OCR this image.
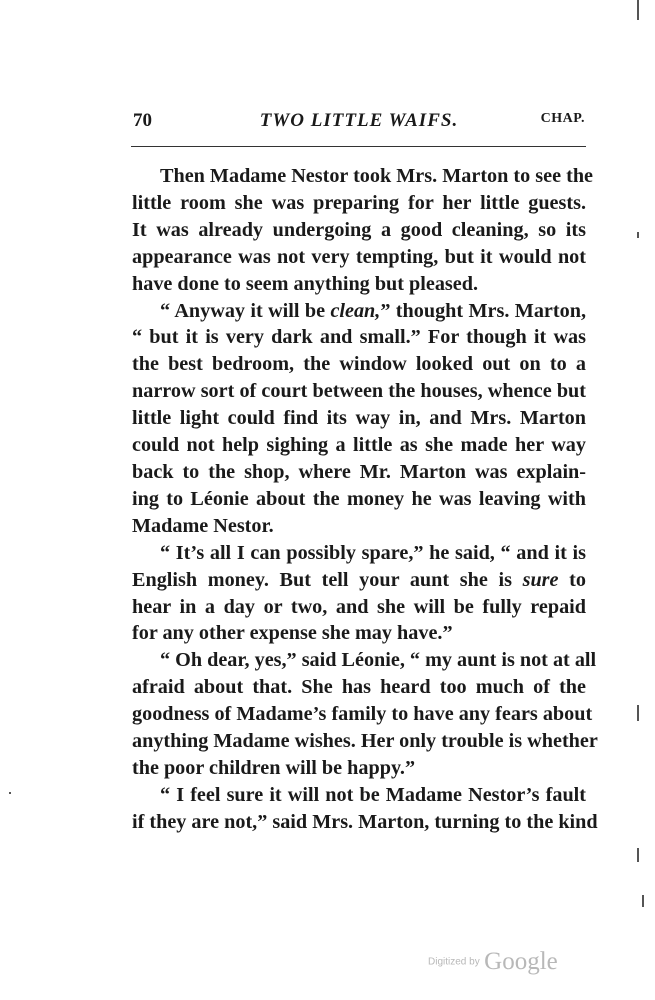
70	TWO LITTLE WAIFS.	CHAP.
Then Madame Nestor took Mrs. Marton to see the
little room she was preparing for her little guests.
It was already undergoing a good cleaning, so its
appearance was not very tempting, but it would not
have done to seem anything but pleased.
“ Anyway it will be clean,” thought Mrs. Marton,
“ but it is very dark and small.” For though it was
the best bedroom, the window looked out on to a
narrow sort of court between the houses, whence but
little light could find its way in, and Mrs. Marton
could not help sighing a little as she made her way
back to the shop, where Mr. Marton was explain-
ing to Léonie about the money he was leaving with
Madame Nestor.
“ It’s all I can possibly spare,” he said, “ and it is
English money. But tell your aunt she is sure to
hear in a day or two, and she will be fully repaid
for any other expense she may have.”
“ Oh dear, yes,” said Léonie, “ my aunt is not at all
afraid about that. She has heard too much of the
goodness of Madame’s family to have any fears about
anything Madame wishes. Her only trouble is whether
the poor children will be happy.”
“ I feel sure it will not be Madame Nestor’s fault
if they are not,” said Mrs. Marton, turning to the kind
Digitized by Google
